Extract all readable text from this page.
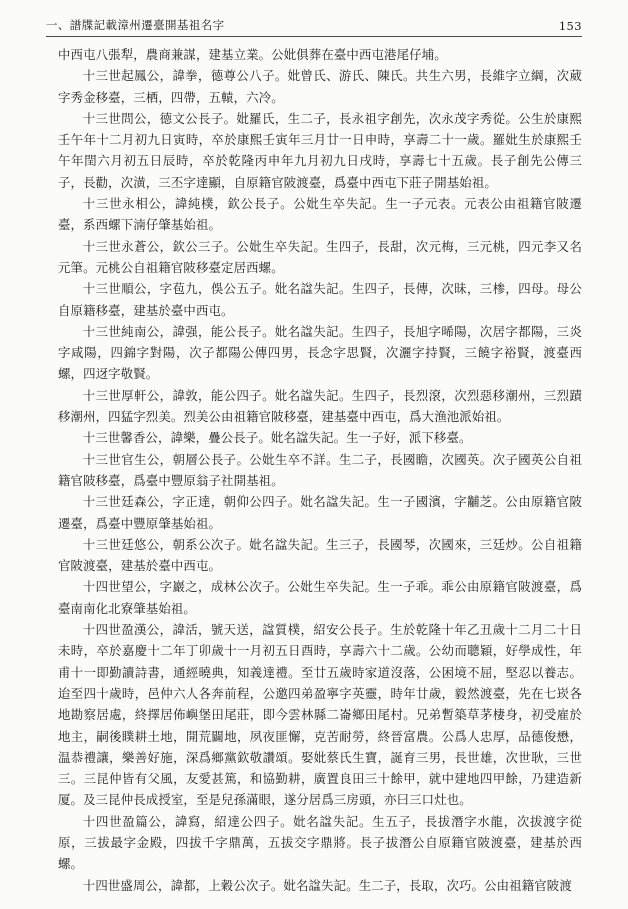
一、譜牒記載漳州遷臺開基祖名字	153

中西屯八張犁，農商兼謀，建基立業。公妣俱葬在臺中西屯港尾仔埔。

十三世起鳳公，諱拳，德尊公八子。妣曾氏、游氏、陳氏。共生六男，長維字立綱，次葳字秀金移臺，三栖，四帶，五轅，六冷。

十三世問公，德文公長子。妣羅氏，生二子，長永祖字創先，次永茂字秀從。公生於康熙壬午年十二月初九日寅時，卒於康熙壬寅年三月廿一日申時，享壽二十一歲。羅妣生於康熙壬午年閏六月初五日辰時，卒於乾隆丙申年九月初九日戌時，享壽七十五歲。長子創先公傳三子，長勸，次潢，三丕字達顯，自原籍官陂渡臺，爲臺中西屯下莊子開基始祖。

十三世永相公，諱純樸，欽公長子。公妣生卒失記。生一子元表。元表公由祖籍官陂遷臺，系西螺下湳仔肇基始祖。

十三世永蒼公，欽公三子。公妣生卒失記。生四子，長甜，次元梅，三元桃，四元李又名元筆。元桃公自祖籍官陂移臺定居西螺。

十三世順公，字苞九，俁公五子。妣名諡失記。生四子，長傳，次昧，三椮，四母。母公自原籍移臺，建基於臺中西屯。

十三世純南公，諱强，能公長子。妣名諡失記。生四子，長旭字晞陽，次居字都陽，三炎字咸陽，四錦字對陽，次子都陽公傳四男，長念字思賢，次灑字持賢，三饒字裕賢，渡臺西螺，四迓字敬賢。

十三世厚軒公，諱敦，能公四子。妣名諡失記。生四子，長烈滾，次烈惡移潮州，三烈蹟移潮州，四猛字烈美。烈美公由祖籍官陂移臺，建基臺中西屯，爲大渔池派始祖。

十三世馨香公，諱樂，疊公長子。妣名諡失記。生一子好，派下移臺。

十三世官生公，朝層公長子。公妣生卒不詳。生二子，長國瞻，次國英。次子國英公自祖籍官陂移臺，爲臺中豐原翁子社開基祖。

十三世廷森公，字正達，朝仰公四子。妣名諡失記。生一子國濱，字黼芝。公由原籍官陂遷臺，爲臺中豐原肇基始祖。

十三世廷悠公，朝系公次子。妣名諡失記。生三子，長國琴，次國來，三廷炒。公自祖籍官陂渡臺，建基於臺中西屯。

十四世望公，字巖之，成林公次子。公妣生卒失記。生一子乖。乖公由原籍官陂渡臺，爲臺南南化北寮肇基始祖。

十四世盈漢公，諱活，號天送，諡質樸，紹安公長子。生於乾隆十年乙丑歲十二月二十日未時，卒於嘉慶十二年丁卯歲十一月初五日酉時，享壽六十二歲。公幼而聰穎，好學成性，年甫十一即勤讀詩書，通經曉典，知義達禮。至廿五歲時家道沒落，公困境不屈，堅忍以養志。迨至四十歲時，邑仲六人各奔前程，公邀四弟盈寧字英靈，時年廿歲，毅然渡臺，先在七崁各地勘察居處，終擇居佈嶼堡田尾莊，即今雲林縣二崙鄉田尾村。兄弟暫築草茅棲身，初受雇於地主，嗣後瞨耕土地，開荒闢地，夙夜匪懈，克苦耐勞，終晉富農。公爲人忠厚，品德俊懋，温恭禮讓，樂善好施，深爲鄉黨欽敬讚頌。娶妣蔡氏生寶，誕育三男，長世雄，次世耿，三世三。三昆仲皆有父風，友愛甚篤，和協勤耕，廣置良田三十餘甲，就中建地四甲餘，乃建造新厦。及三昆仲長成授室，至是兒孫滿眼，遂分居爲三房頭，亦曰三口灶也。

十四世盈篇公，諱寫，紹達公四子。妣名諡失記。生五子，長拔潛字水龍，次拔渡字從原，三拔最字金殿，四拔千字鼎萬，五拔交字鼎將。長子拔潛公自原籍官陂渡臺，建基於西螺。

十四世盛周公，諱都，上穀公次子。妣名諡失記。生二子，長取，次巧。公由祖籍官陂渡
